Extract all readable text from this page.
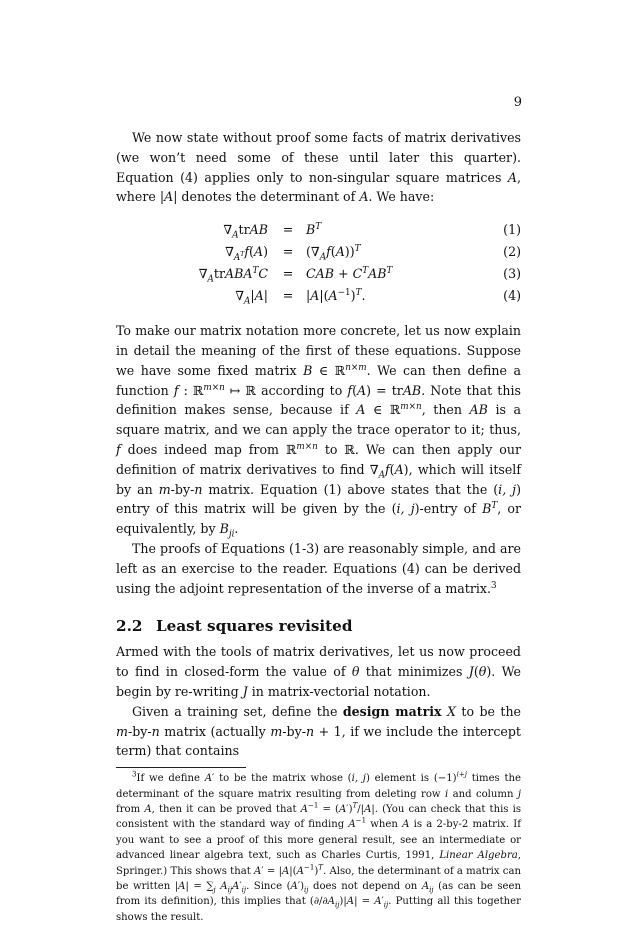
9

We now state without proof some facts of matrix derivatives (we won’t need some of these until later this quarter). Equation (4) applies only to non-singular square matrices A, where |A| denotes the determinant of A. We have:

$\nabla_AtrAB$	=	$B^T$	(1)
$\nabla_{A^T}f(A)$	=	$(\nabla_Af(A))^T$	(2)
$\nabla_AtrABA^TC$	=	CAB + $C^TAB^T$	(3)
$\nabla_A|A|$	=	$|A|(A^{-1})^T$.	(4)

To make our matrix notation more concrete, let us now explain in detail the meaning of the first of these equations. Suppose we have some fixed matrix B ∈ ℝ$^{n\times m}$. We can then define a function f : ℝ$^{m\times n}$ ↦ ℝ according to f(A) = trAB. Note that this definition makes sense, because if A ∈ ℝ$^{m\times n}$, then AB is a square matrix, and we can apply the trace operator to it; thus, f does indeed map from ℝ$^{m\times n}$ to ℝ. We can then apply our definition of matrix derivatives to find $\nabla_Af(A)$, which will itself by an m-by-n matrix. Equation (1) above states that the (i, j) entry of this matrix will be given by the (i, j)-entry of $B^T$, or equivalently, by $B_{ji}$.

The proofs of Equations (1-3) are reasonably simple, and are left as an exercise to the reader. Equations (4) can be derived using the adjoint representation of the inverse of a matrix.$^3$

2.2 Least squares revisited

Armed with the tools of matrix derivatives, let us now proceed to find in closed-form the value of θ that minimizes J(θ). We begin by re-writing J in matrix-vectorial notation.

Given a training set, define the design matrix X to be the m-by-n matrix (actually m-by-n + 1, if we include the intercept term) that contains

$^3$If we define A′ to be the matrix whose (i, j) element is $(-1)^{i+j}$ times the determinant of the square matrix resulting from deleting row i and column j from A, then it can be proved that $A^{-1} = (A')^T/|A|$. (You can check that this is consistent with the standard way of finding $A^{-1}$ when A is a 2-by-2 matrix. If you want to see a proof of this more general result, see an intermediate or advanced linear algebra text, such as Charles Curtis, 1991, Linear Algebra, Springer.) This shows that $A' = |A|(A^{-1})^T$. Also, the determinant of a matrix can be written $|A| = \sum_j$ $A_{ij}A'_{ij}$. Since $(A')_{ij}$ does not depend on $A_{ij}$ (as can be seen from its definition), this implies that $(\partial/\partial A_{ij})|A| = A'_{ij}$. Putting all this together shows the result.
